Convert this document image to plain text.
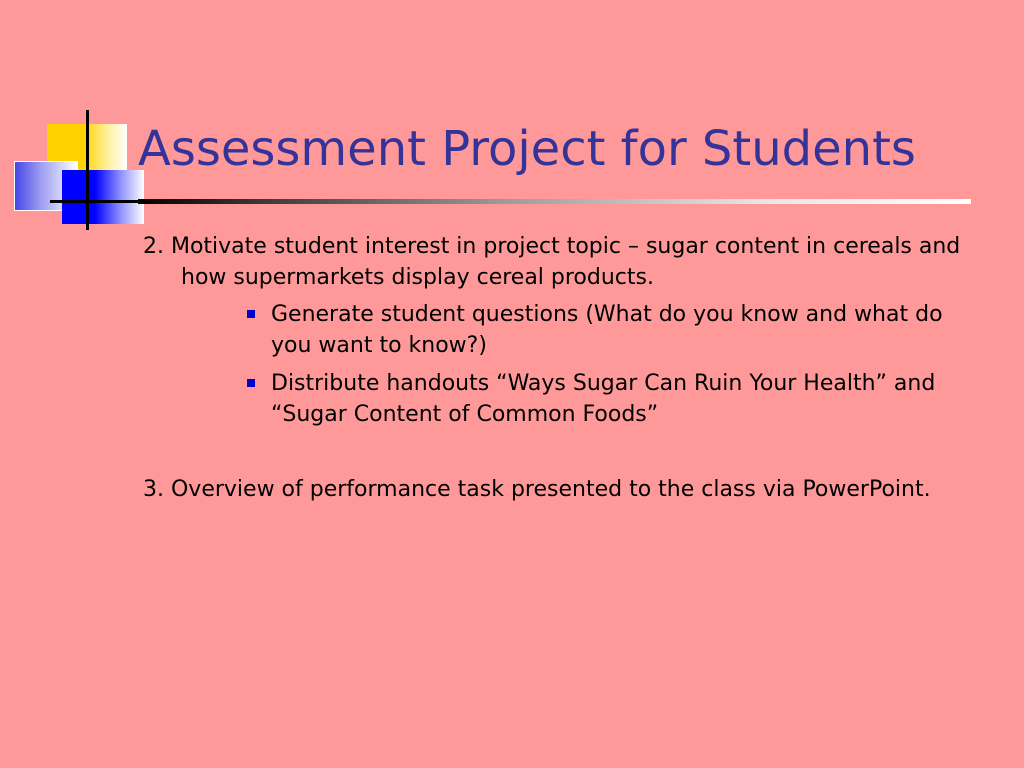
Assessment Project for Students

2. Motivate student interest in project topic – sugar content in cereals and how supermarkets display cereal products.

Generate student questions (What do you know and what do you want to know?)
Distribute handouts “Ways Sugar Can Ruin Your Health” and “Sugar Content of Common Foods”

3. Overview of performance task presented to the class via PowerPoint.
